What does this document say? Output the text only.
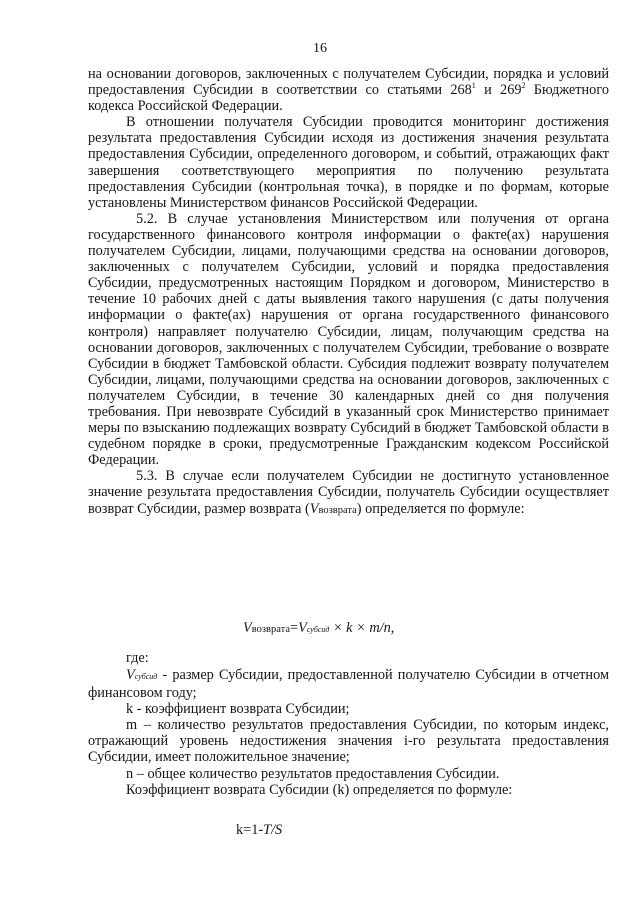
16

на основании договоров, заключенных с получателем Субсидии, порядка и условий предоставления Субсидии в соответствии со статьями $268^1$ и $269^2$ Бюджетного кодекса Российской Федерации.

В отношении получателя Субсидии проводится мониторинг достижения результата предоставления Субсидии исходя из достижения значения результата предоставления Субсидии, определенного договором, и событий, отражающих факт завершения соответствующего мероприятия по получению результата предоставления Субсидии (контрольная точка), в порядке и по формам, которые установлены Министерством финансов Российской Федерации.

5.2. В случае установления Министерством или получения от органа государственного финансового контроля информации о факте(ах) нарушения получателем Субсидии, лицами, получающими средства на основании договоров, заключенных с получателем Субсидии, условий и порядка предоставления Субсидии, предусмотренных настоящим Порядком и договором, Министерство в течение 10 рабочих дней с даты выявления такого нарушения (с даты получения информации о факте(ах) нарушения от органа государственного финансового контроля) направляет получателю Субсидии, лицам, получающим средства на основании договоров, заключенных с получателем Субсидии, требование о возврате Субсидии в бюджет Тамбовской области. Субсидия подлежит возврату получателем Субсидии, лицами, получающими средства на основании договоров, заключенных с получателем Субсидии, в течение 30 календарных дней со дня получения требования. При невозврате Субсидий в указанный срок Министерство принимает меры по взысканию подлежащих возврату Субсидий в бюджет Тамбовской области в судебном порядке в сроки, предусмотренные Гражданским кодексом Российской Федерации.

5.3. В случае если получателем Субсидии не достигнуто установленное значение результата предоставления Субсидии, получатель Субсидии осуществляет возврат Субсидии, размер возврата (Vвозврата) определяется по формуле:

Vвозврата=Vсубсид × k × m/n,
где:

Vсубсид - размер Субсидии, предоставленной получателю Субсидии в отчетном финансовом году;

k - коэффициент возврата Субсидии;

m – количество результатов предоставления Субсидии, по которым индекс, отражающий уровень недостижения значения i-го результата предоставления Субсидии, имеет положительное значение;

n – общее количество результатов предоставления Субсидии.

Коэффициент возврата Субсидии (k) определяется по формуле:

k=1-T/S
